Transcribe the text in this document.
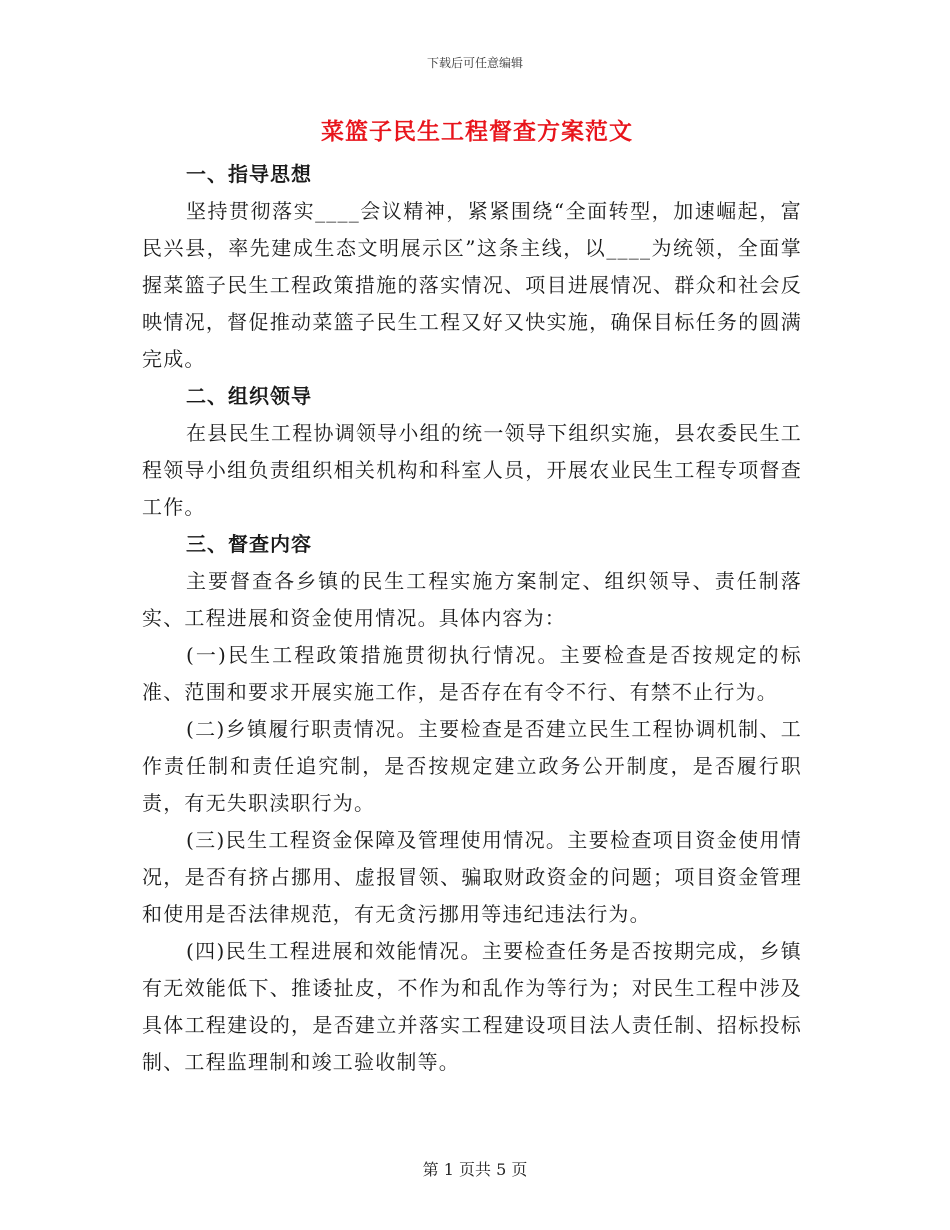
下载后可任意编辑
菜篮子民生工程督查方案范文
一、指导思想

坚持贯彻落实____会议精神，紧紧围绕“全面转型，加速崛起，富民兴县，率先建成生态文明展示区”这条主线，以____为统领，全面掌握菜篮子民生工程政策措施的落实情况、项目进展情况、群众和社会反映情况，督促推动菜篮子民生工程又好又快实施，确保目标任务的圆满完成。

二、组织领导

在县民生工程协调领导小组的统一领导下组织实施，县农委民生工程领导小组负责组织相关机构和科室人员，开展农业民生工程专项督查工作。

三、督查内容

主要督查各乡镇的民生工程实施方案制定、组织领导、责任制落实、工程进展和资金使用情况。具体内容为：

(一)民生工程政策措施贯彻执行情况。主要检查是否按规定的标准、范围和要求开展实施工作，是否存在有令不行、有禁不止行为。

(二)乡镇履行职责情况。主要检查是否建立民生工程协调机制、工作责任制和责任追究制，是否按规定建立政务公开制度，是否履行职责，有无失职渎职行为。

(三)民生工程资金保障及管理使用情况。主要检查项目资金使用情况，是否有挤占挪用、虚报冒领、骗取财政资金的问题；项目资金管理和使用是否法律规范，有无贪污挪用等违纪违法行为。

(四)民生工程进展和效能情况。主要检查任务是否按期完成，乡镇有无效能低下、推诿扯皮，不作为和乱作为等行为；对民生工程中涉及具体工程建设的，是否建立并落实工程建设项目法人责任制、招标投标制、工程监理制和竣工验收制等。

第 1 页共 5 页
